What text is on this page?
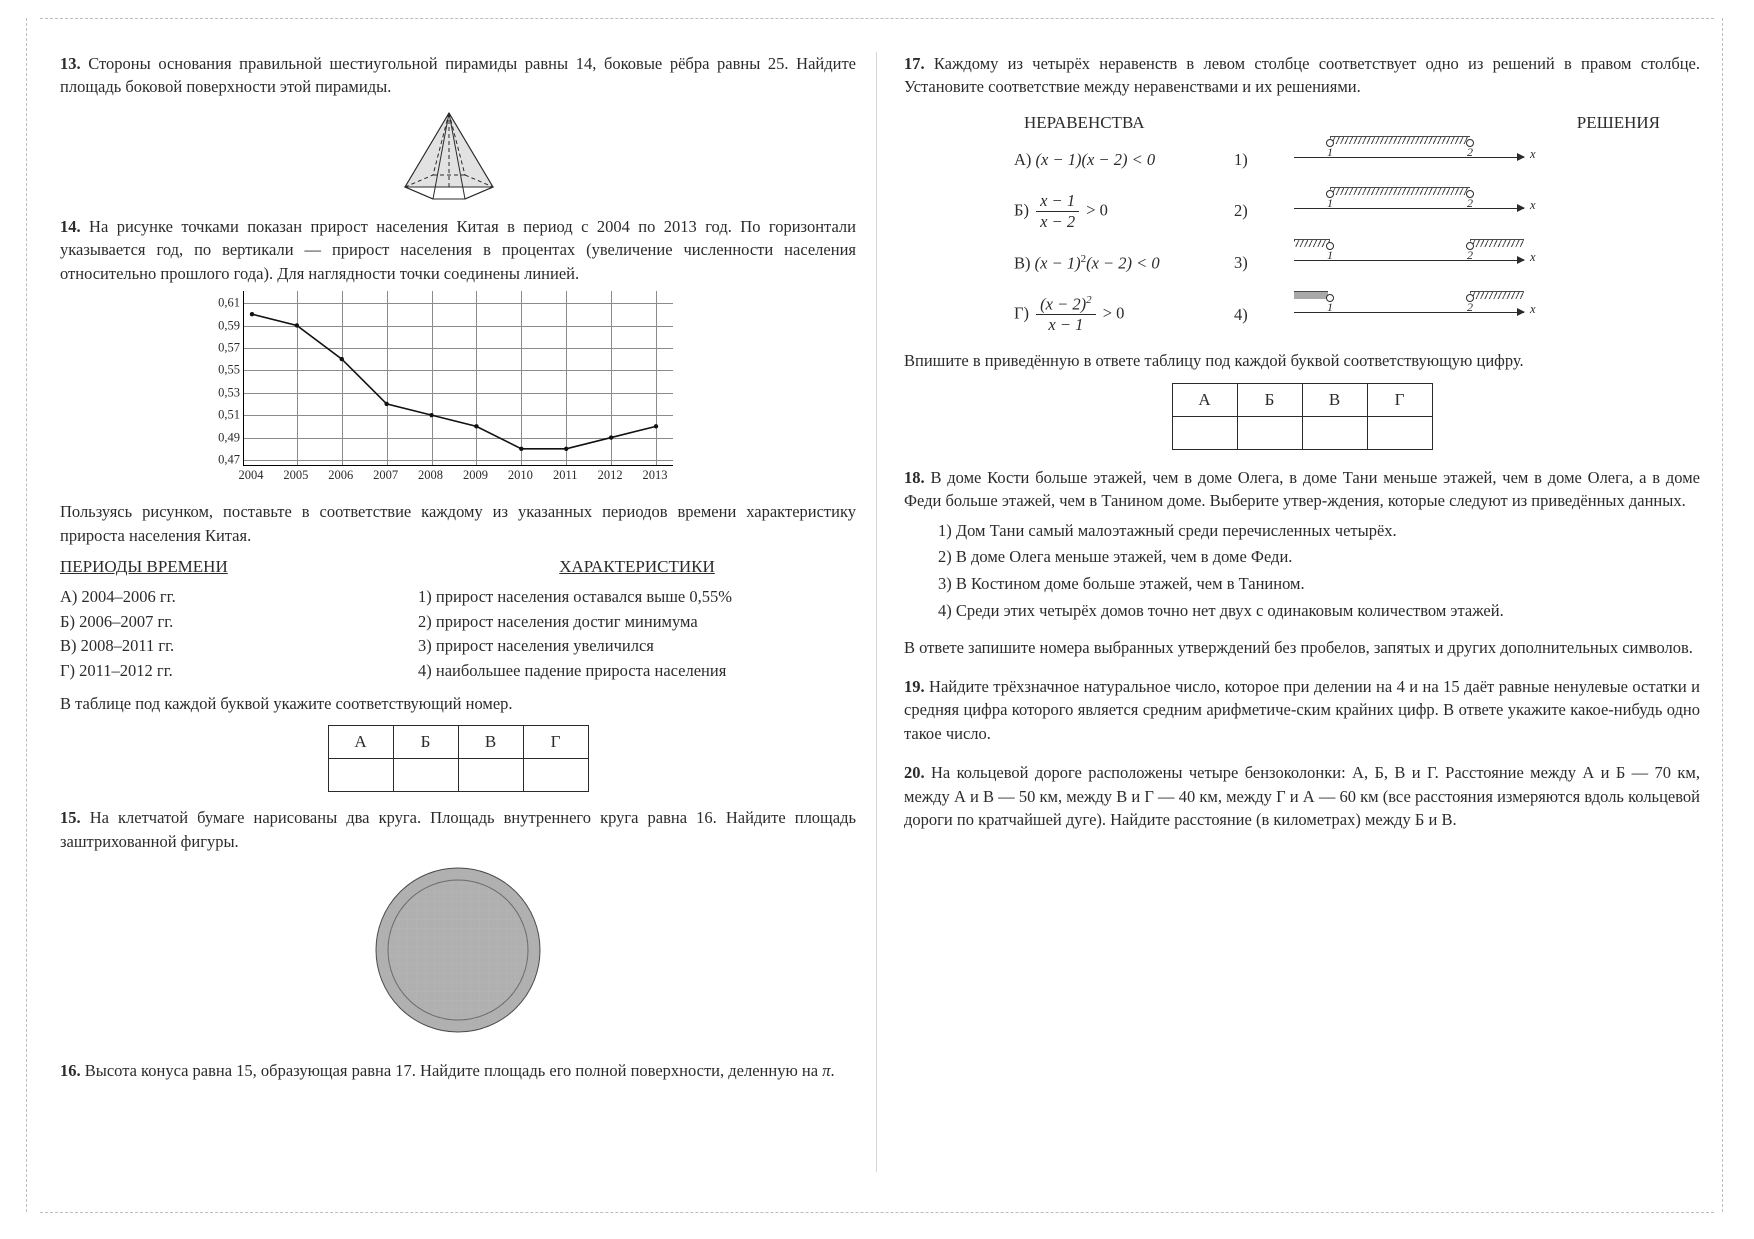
13. Стороны основания правильной шестиугольной пирамиды равны 14, боковые рёбра равны 25. Найдите площадь боковой поверхности этой пирамиды.

14. На рисунке точками показан прирост населения Китая в период с 2004 по 2013 год. По горизонтали указывается год, по вертикали — прирост населения в процентах (увеличение численности населения относительно прошлого года). Для наглядности точки соединены линией.

0,47
0,49
0,51
0,53
0,55
0,57
0,59
0,61
2004 2005 2006 2007 2008 2009 2010 2011 2012 2013

Пользуясь рисунком, поставьте в соответствие каждому из указанных периодов времени характеристику прироста населения Китая.

ПЕРИОДЫ ВРЕМЕНИ
А) 2004–2006 гг.
Б) 2006–2007 гг.
В) 2008–2011 гг.
Г) 2011–2012 гг.
ХАРАКТЕРИСТИКИ
1) прирост населения оставался выше 0,55%
2) прирост населения достиг минимума
3) прирост населения увеличился
4) наибольшее падение прироста населения

В таблице под каждой буквой укажите соответствующий номер.

А	Б	В	Г

15. На клетчатой бумаге нарисованы два круга. Площадь внутреннего круга равна 16. Найдите площадь заштрихованной фигуры.

16. Высота конуса равна 15, образующая равна 17. Найдите площадь его полной поверхности, деленную на π.

17. Каждому из четырёх неравенств в левом столбце соответствует одно из решений в правом столбце. Установите соответствие между неравенствами и их решениями.

НЕРАВЕНСТВА	РЕШЕНИЯ
А) (x − 1)(x − 2) < 0	1)	1	2	x
$Б) \frac{x - 1}{x - 2} > 0$	2)	1	2	x
В) $(x - 1)^2(x - 2) < 0$	3)	1	2	x
$Г) \frac{(x - 2)^2}{x - 1} > 0$	4)	1	2	x

Впишите в приведённую в ответе таблицу под каждой буквой соответствующую цифру.

А	Б	В	Г

18. В доме Кости больше этажей, чем в доме Олега, в доме Тани меньше этажей, чем в доме Олега, а в доме Феди больше этажей, чем в Танином доме. Выберите утвер-ждения, которые следуют из приведённых данных.

1) Дом Тани самый малоэтажный среди перечисленных четырёх.
2) В доме Олега меньше этажей, чем в доме Феди.
3) В Костином доме больше этажей, чем в Танином.
4) Среди этих четырёх домов точно нет двух с одинаковым количеством этажей.

В ответе запишите номера выбранных утверждений без пробелов, запятых и других дополнительных символов.

19. Найдите трёхзначное натуральное число, которое при делении на 4 и на 15 даёт равные ненулевые остатки и средняя цифра которого является средним арифметиче-ским крайних цифр. В ответе укажите какое-нибудь одно такое число.

20. На кольцевой дороге расположены четыре бензоколонки: А, Б, В и Г. Расстояние между А и Б — 70 км, между А и В — 50 км, между В и Г — 40 км, между Г и А — 60 км (все расстояния измеряются вдоль кольцевой дороги по кратчайшей дуге). Найдите расстояние (в километрах) между Б и В.
